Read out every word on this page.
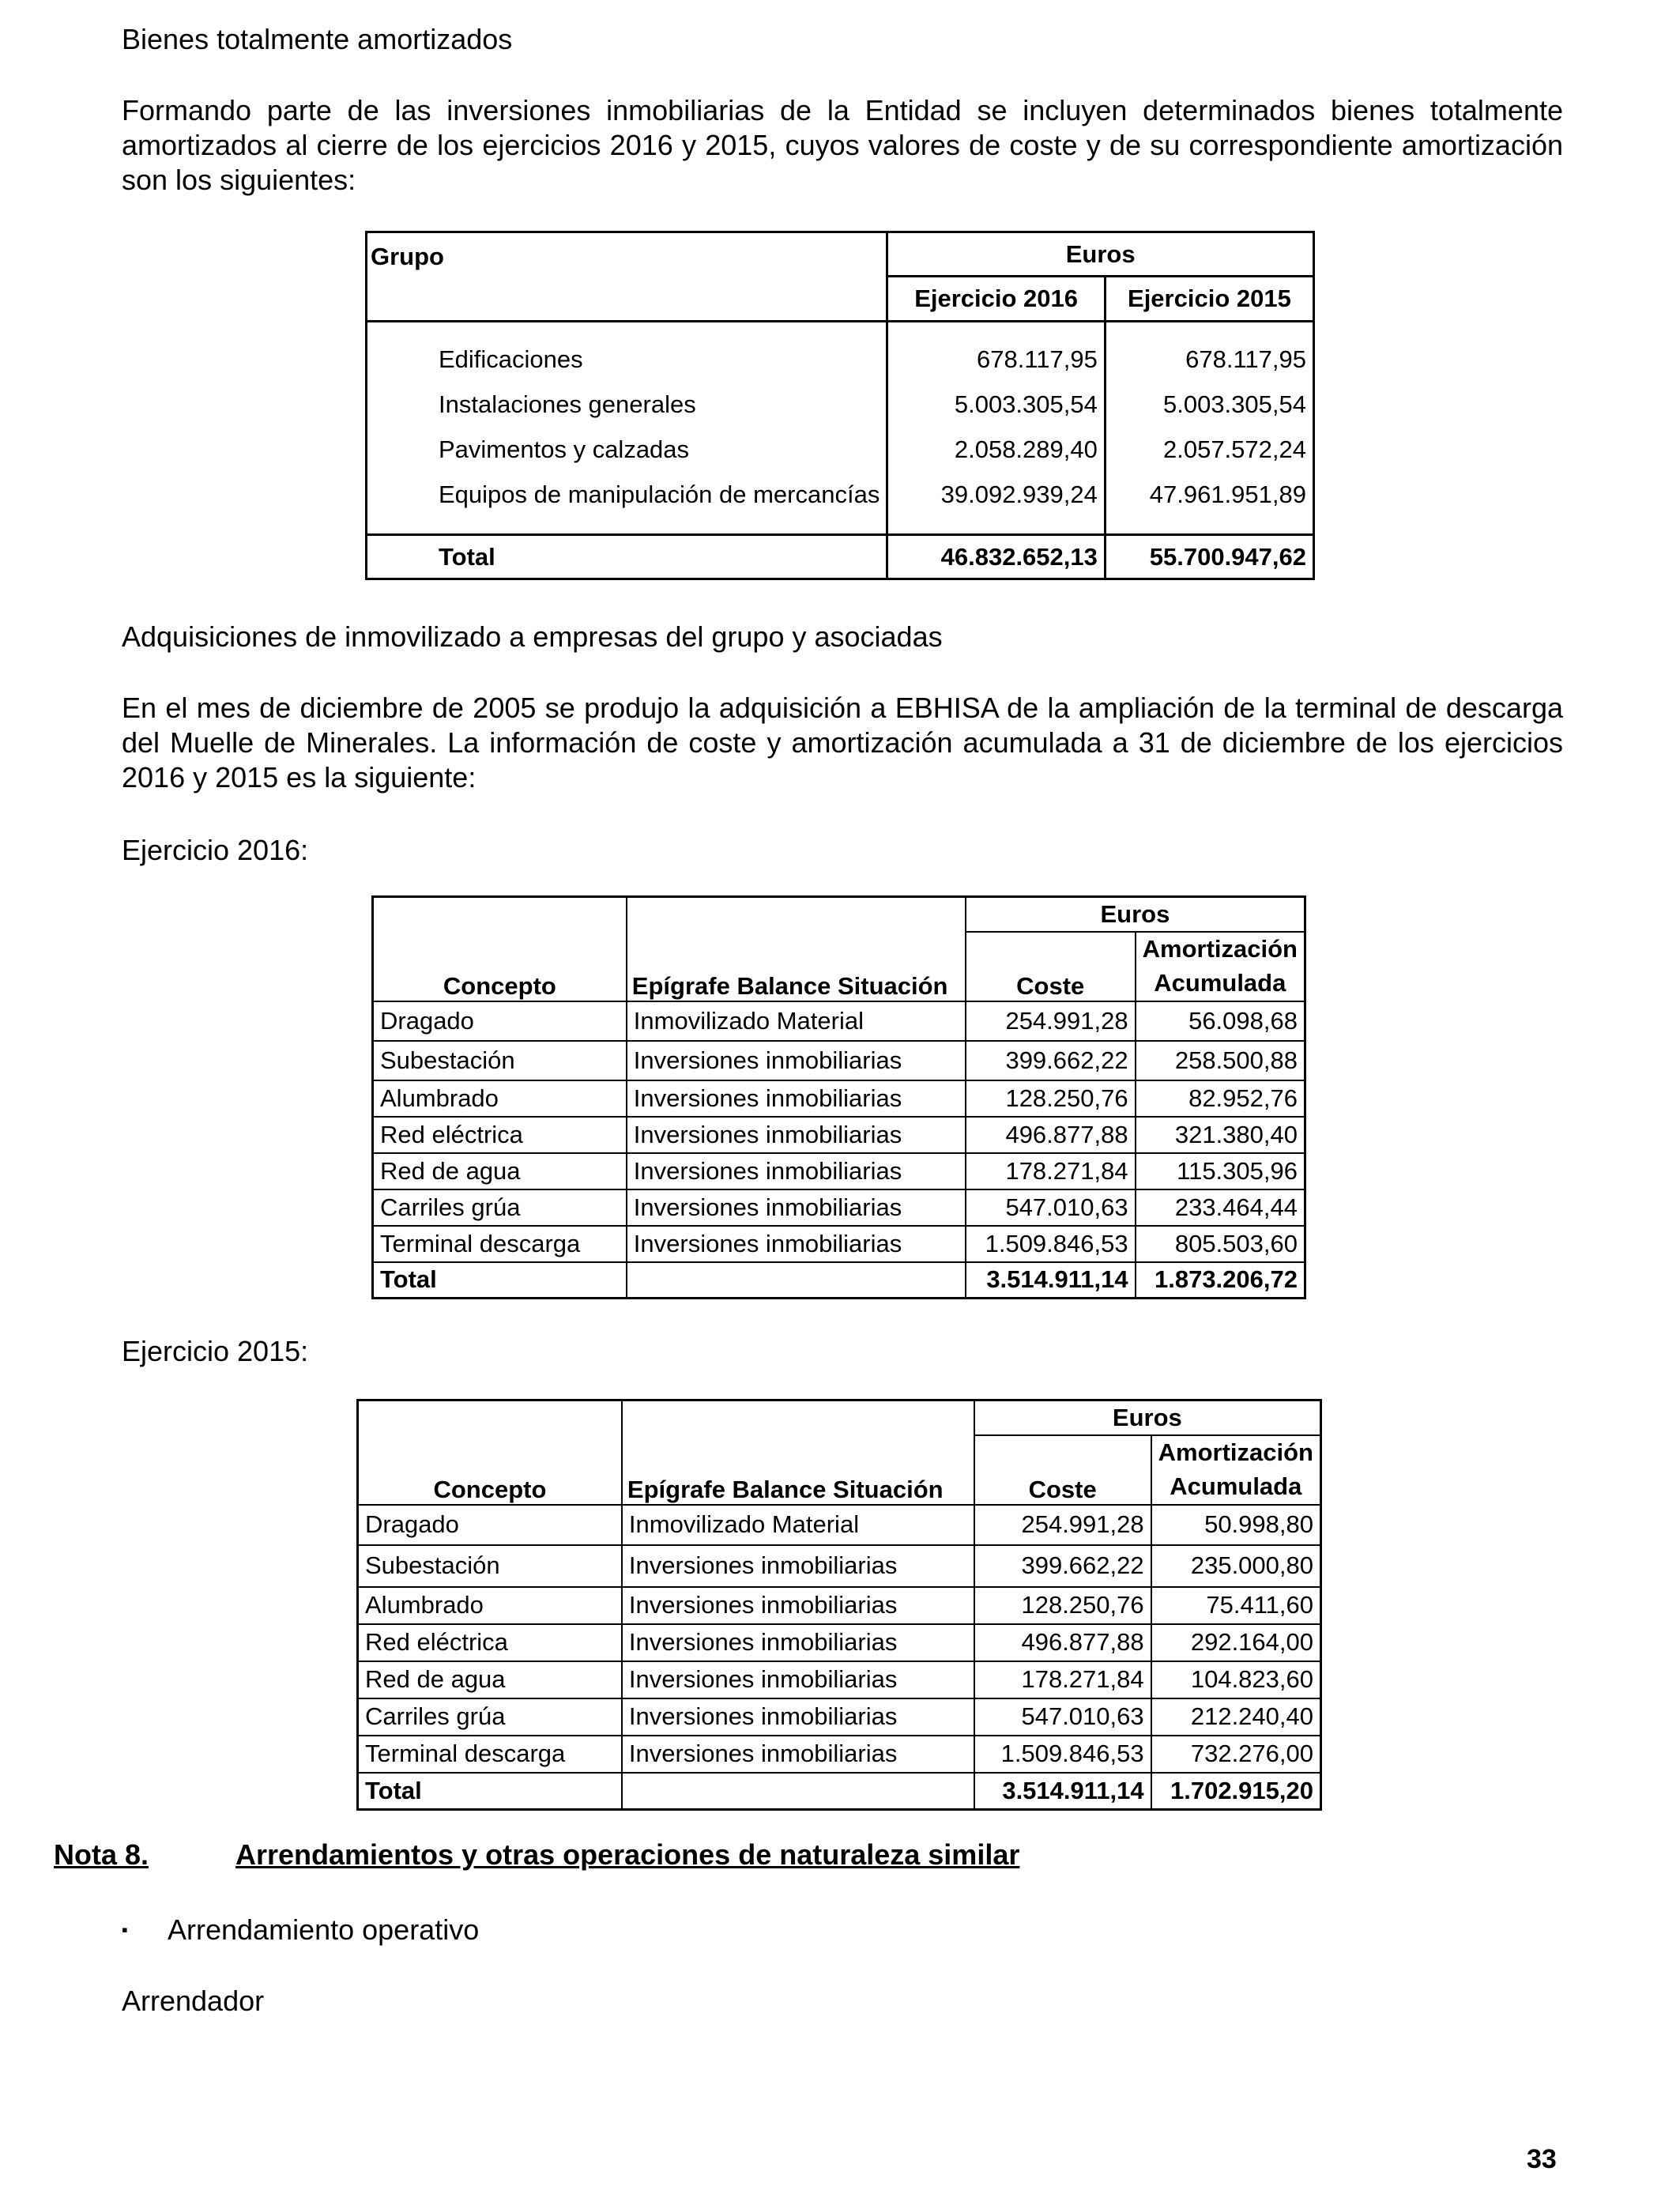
Bienes totalmente amortizados

Formando parte de las inversiones inmobiliarias de la Entidad se incluyen determinados bienes totalmente amortizados al cierre de los ejercicios 2016 y 2015, cuyos valores de coste y de su correspondiente amortización son los siguientes:

Grupo	Euros	
	Ejercicio 2016	Ejercicio 2015

Edificaciones	678.117,95	678.117,95
Instalaciones generales	5.003.305,54	5.003.305,54
Pavimentos y calzadas	2.058.289,40	2.057.572,24
Equipos de manipulación de mercancías	39.092.939,24	47.961.951,89

Total	46.832.652,13	55.700.947,62

Adquisiciones de inmovilizado a empresas del grupo y asociadas

En el mes de diciembre de 2005 se produjo la adquisición a EBHISA de la ampliación de la terminal de descarga del Muelle de Minerales. La información de coste y amortización acumulada a 31 de diciembre de los ejercicios 2016 y 2015 es la siguiente:

Ejercicio 2016:

Concepto	Epígrafe Balance Situación	Euros	
		Coste	Amortización
			Acumulada
Dragado	Inmovilizado Material	254.991,28	56.098,68
Subestación	Inversiones inmobiliarias	399.662,22	258.500,88
Alumbrado	Inversiones inmobiliarias	128.250,76	82.952,76
Red eléctrica	Inversiones inmobiliarias	496.877,88	321.380,40
Red de agua	Inversiones inmobiliarias	178.271,84	115.305,96
Carriles grúa	Inversiones inmobiliarias	547.010,63	233.464,44
Terminal descarga	Inversiones inmobiliarias	1.509.846,53	805.503,60
Total		3.514.911,14	1.873.206,72

Ejercicio 2015:

Concepto	Epígrafe Balance Situación	Euros	
		Coste	Amortización
			Acumulada
Dragado	Inmovilizado Material	254.991,28	50.998,80
Subestación	Inversiones inmobiliarias	399.662,22	235.000,80
Alumbrado	Inversiones inmobiliarias	128.250,76	75.411,60
Red eléctrica	Inversiones inmobiliarias	496.877,88	292.164,00
Red de agua	Inversiones inmobiliarias	178.271,84	104.823,60
Carriles grúa	Inversiones inmobiliarias	547.010,63	212.240,40
Terminal descarga	Inversiones inmobiliarias	1.509.846,53	732.276,00
Total		3.514.911,14	1.702.915,20
Nota 8.	Arrendamientos y otras operaciones de naturaleza similar
▪ Arrendamiento operativo

Arrendador

33
